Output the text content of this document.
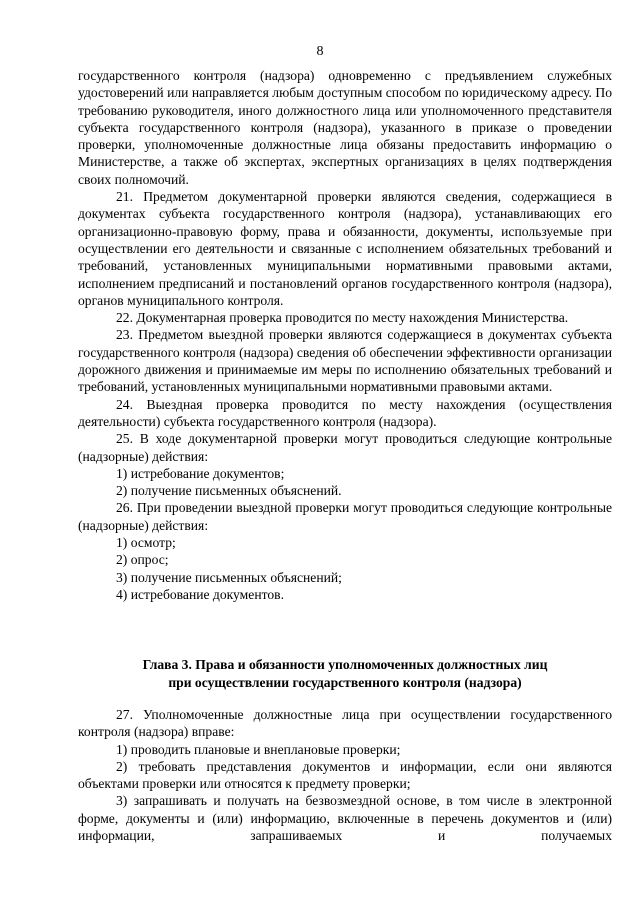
8

государственного контроля (надзора) одновременно с предъявлением служебных удостоверений или направляется любым доступным способом по юридическому адресу. По требованию руководителя, иного должностного лица или уполномоченного представителя субъекта государственного контроля (надзора), указанного в приказе о проведении проверки, уполномоченные должностные лица обязаны предоставить информацию о Министерстве, а также об экспертах, экспертных организациях в целях подтверждения своих полномочий.

21. Предметом документарной проверки являются сведения, содержащиеся в документах субъекта государственного контроля (надзора), устанавливающих его организационно-правовую форму, права и обязанности, документы, используемые при осуществлении его деятельности и связанные с исполнением обязательных требований и требований, установленных муниципальными нормативными правовыми актами, исполнением предписаний и постановлений органов государственного контроля (надзора), органов муниципального контроля.

22. Документарная проверка проводится по месту нахождения Министерства.

23. Предметом выездной проверки являются содержащиеся в документах субъекта государственного контроля (надзора) сведения об обеспечении эффективности организации дорожного движения и принимаемые им меры по исполнению обязательных требований и требований, установленных муниципальными нормативными правовыми актами.

24. Выездная проверка проводится по месту нахождения (осуществления деятельности) субъекта государственного контроля (надзора).

25. В ходе документарной проверки могут проводиться следующие контрольные (надзорные) действия:

1) истребование документов;

2) получение письменных объяснений.

26. При проведении выездной проверки могут проводиться следующие контрольные (надзорные) действия:

1) осмотр;

2) опрос;

3) получение письменных объяснений;

4) истребование документов.

Глава 3. Права и обязанности уполномоченных должностных лиц
при осуществлении государственного контроля (надзора)

27. Уполномоченные должностные лица при осуществлении государственного контроля (надзора) вправе:

1) проводить плановые и внеплановые проверки;

2) требовать представления документов и информации, если они являются объектами проверки или относятся к предмету проверки;

3) запрашивать и получать на безвозмездной основе, в том числе в электронной форме, документы и (или) информацию, включенные в перечень документов и (или) информации, запрашиваемых и получаемых
